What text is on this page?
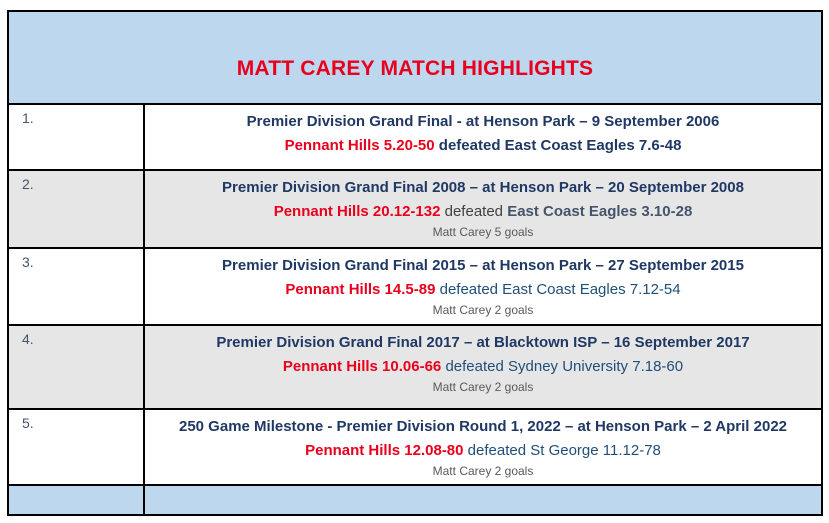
MATT CAREY MATCH HIGHLIGHTS
1.	Premier Division Grand Final - at Henson Park – 9 September 2006
Pennant Hills 5.20-50 defeated East Coast Eagles 7.6-48
2.	Premier Division Grand Final 2008 – at Henson Park – 20 September 2008
Pennant Hills 20.12-132 defeated East Coast Eagles 3.10-28
Matt Carey 5 goals
3.	Premier Division Grand Final 2015 – at Henson Park – 27 September 2015
Pennant Hills 14.5-89 defeated East Coast Eagles 7.12-54
Matt Carey 2 goals
4.	Premier Division Grand Final 2017 – at Blacktown ISP – 16 September 2017
Pennant Hills 10.06-66 defeated Sydney University 7.18-60
Matt Carey 2 goals
5.	250 Game Milestone - Premier Division Round 1, 2022 – at Henson Park – 2 April 2022
Pennant Hills 12.08-80 defeated St George 11.12-78
Matt Carey 2 goals
